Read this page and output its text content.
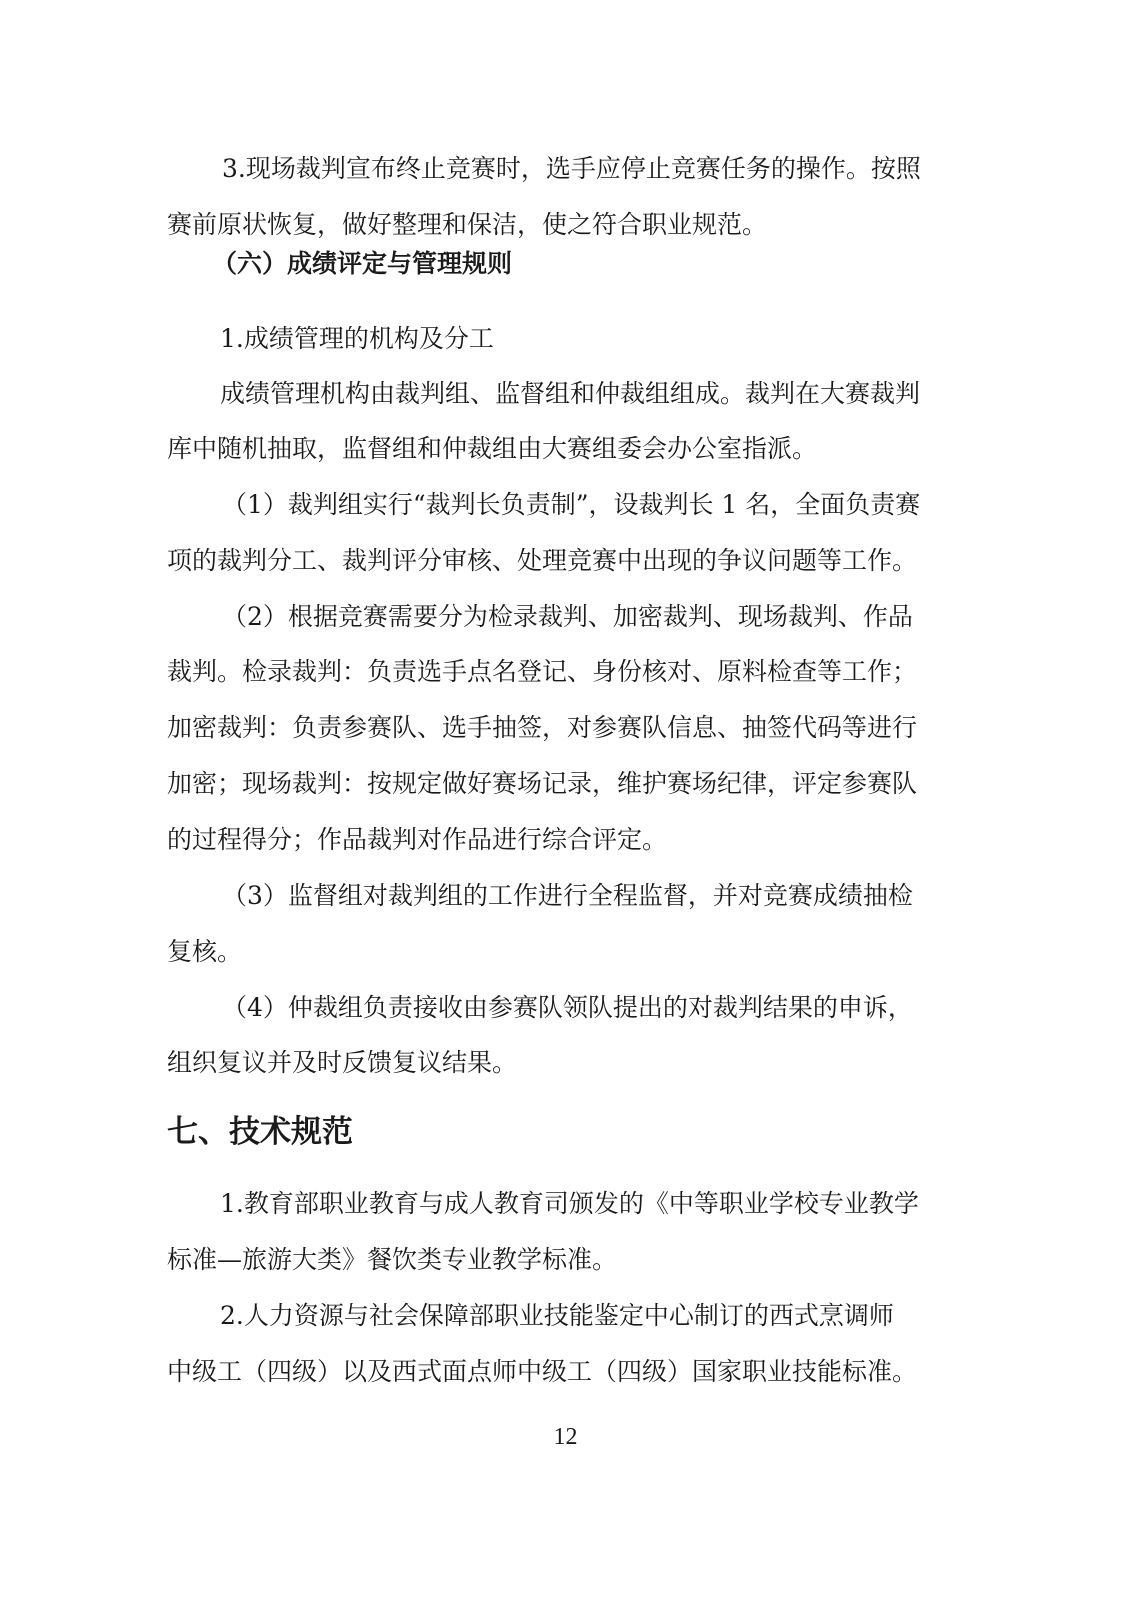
3.现场裁判宣布终止竞赛时，选手应停止竞赛任务的操作。按照
赛前原状恢复，做好整理和保洁，使之符合职业规范。
（六）成绩评定与管理规则
1.成绩管理的机构及分工
成绩管理机构由裁判组、监督组和仲裁组组成。裁判在大赛裁判
库中随机抽取，监督组和仲裁组由大赛组委会办公室指派。
（1）裁判组实行“裁判长负责制”，设裁判长 1 名，全面负责赛
项的裁判分工、裁判评分审核、处理竞赛中出现的争议问题等工作。
（2）根据竞赛需要分为检录裁判、加密裁判、现场裁判、作品
裁判。检录裁判：负责选手点名登记、身份核对、原料检查等工作；
加密裁判：负责参赛队、选手抽签，对参赛队信息、抽签代码等进行
加密；现场裁判：按规定做好赛场记录，维护赛场纪律，评定参赛队
的过程得分；作品裁判对作品进行综合评定。
（3）监督组对裁判组的工作进行全程监督，并对竞赛成绩抽检
复核。
（4）仲裁组负责接收由参赛队领队提出的对裁判结果的申诉，
组织复议并及时反馈复议结果。
七、技术规范
1.教育部职业教育与成人教育司颁发的《中等职业学校专业教学
标准—旅游大类》餐饮类专业教学标准。
2.人力资源与社会保障部职业技能鉴定中心制订的西式烹调师
中级工（四级）以及西式面点师中级工（四级）国家职业技能标准。
12
